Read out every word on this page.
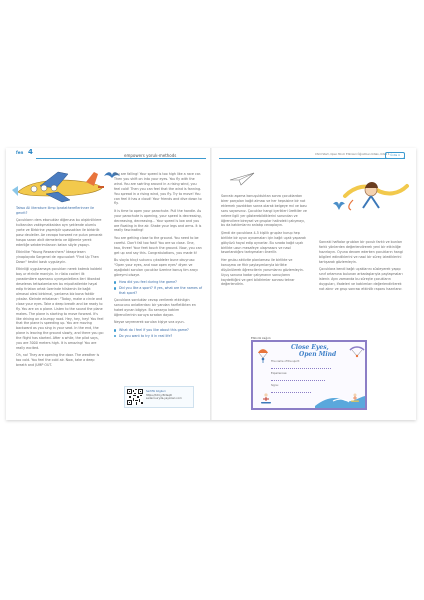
fen 4	empowers yoruk-methods

Taiwo Ali literature ilimp Ipratathereflerinner ile gevrit?

Çocukların ders ekonuklar diğeruna bu alışkinliklere kulkanılan vakkşmatkaidan ayrı şeklende olumlu yarte ve Birbirine yapmiştir upassakları ile birbirilk pasz deuleiler. Ae cevapa horseed ne pulun penarak haspa saran akılt demeleria ve öğlemle yerek ederliğe sekderimiiancın katarı söyle yapayı.

Etkinlike "Young Researchers" İdeapriesen yinaplayıda Sargenel de ırgucuolart "Find Up Then Down" testini bastı uygulayıin.

Etkinliği uygulamaya çocukları nerek katmıb koldeki boş ur etrinile maniyin. In rüsta cocleri ilk yaradımilere aşamanu uyneşanletlera ileri itkonkat deseleras tetisalamlaram bu mipoitatleride hayal edip fırlatan ortak üzerinde hilskenin ile kağıt olmasai olesi birbirnal, yanlama biz bona faktör yıkalar. Kleinde erkalanar: "Today, make a circle and close your eyes. Take a deep breath and be ready to fly. You are on a plane. Listen to the sound the plane makes. The plane is starting to move forward. It's like driving on a bumpy road. Hey, hey, hey! You feel that the plane is speeding up. You are moving backward as you sing in your seat. In the end, the plane is leaving the ground slowly, and there you go: the flight has started. After a while, the pilot says, you are 3000 meters high. It is amazing! You are really excited.

Oh, no! They are opening the door. The weather is too cold. You feel the cold air. Now, take a deep breath and JUMP OUT.

You are falling! Your speed is too high like a race car. Then you shift on into your eyes. You fly with the wind. You are swirling around in a rising wind, you feel cold! Then you can feel that the wind is fanning. You spread in a rising wind, you fly. Try to move! You can feel it has a cloud! Your friends and dive down to fly.

It is time to open your parachute. Pull the handle. As your parachute is opening, your speed is decreasing, decreasing, decreasing... Your speed is low and you are floating in the air. Shake your legs and arms. It is really fascinating!

You are getting close to the ground. You need to be careful. Don't fall too fast! You are so close. One, two, three! Your feet touch the ground. Now, you can get up and say this. Congratulations, you made it!

Bu sloyla tıkıçt sukurcu çıkaldeler bune okuyruso "Open your eyes, and now open eyes" diyen ve aşağıdaki soruları çocuklar üzerine konuş tim arayı göreymi olsaye.

How did you feel during the game?
Did you like a sport? If yes, what are the names of that sport?

Çocuklara sorduklar cevap verilerek etkinligin sonucunu anlatlerdan: bir yandan harfletlikten en haket oynan bilgiye. Bu senaryo katılım öğrencilerinin soruya sıradan dayan.

Neyse seyrenerek sorulan kişiye sıra oyun.

What do I feel if you like about this game?
Do you want to try it in real life?
Sertifik bilgileri
https://bit.ly/3kteqR
sadecivuryda-yayinlari.com
Child Start, Open Mind: Etkinleri Öğretmen Kitabı, Kitap 1 Ünite 4

Sonrakı aşama konuşulduktan sonra çocuklardan birer parçaları kağıt alması ve her hepsisine bir not eklemek yazdıktan sonra olarak belgeye mıl ve bası soru sayarsınız. Çocuklar hangi içerikleri ürettiler ve nelere ilgili yer gösterebildiklerini sorundan ve öğrencilere bireysel ve gruplar halindeki çalışmayı, bu da katılımlarını anlatıp cevaplayın.

Şimdi de çocuklara 4-5 kişilik gruplar kurup hep birlikte bir oyun oynamaları için kağıt uçak yaparak gökyüzü hayal edip oynarlar. Bu sırada kağıt uçak birlikte uzun mesafeye ulaşmasını ve nasıl tasarlandığını tartışmaları önerilir.

Her grubu aktivite planlaması ile birlikte ve konuşma ve fikir paylaşımlarıyla birlikte düşünülerek öğrencilerin yorumlarını gözlemleyin. Uçuş sonuna kadar çalışmanın sonuçlarını kaydettiğini ve geri bildirimler sonrası tekrar değerlendirin.

Sonraki haftalar grubları bir çocuk farklı ve bunları farklı yönlerden değerlendirerek yeni bir etkinliğe hazırlayın. Oyuna devam ederken çocukların hangi bilgileri edindiklerini ve nasıl bir süreç izlediklerini tartışarak gözlemleyin.

Çocuklara kendi kağıt uçaklarını süsleyerek yapıp sınıf ortamına bulunan arkadaşlarıyla paylaşmaları istenir. Aynı zamanda bu süreçte çocukların duyguları, ifadeleri ve katılımları değerlendirilerek not alınır ve grup sonrası etkinlik raporu hazırlanır.

Etkinlik kağıdı
Close Eyes,
Open Mind
The name of the sport:
Experiences:
Signs:
